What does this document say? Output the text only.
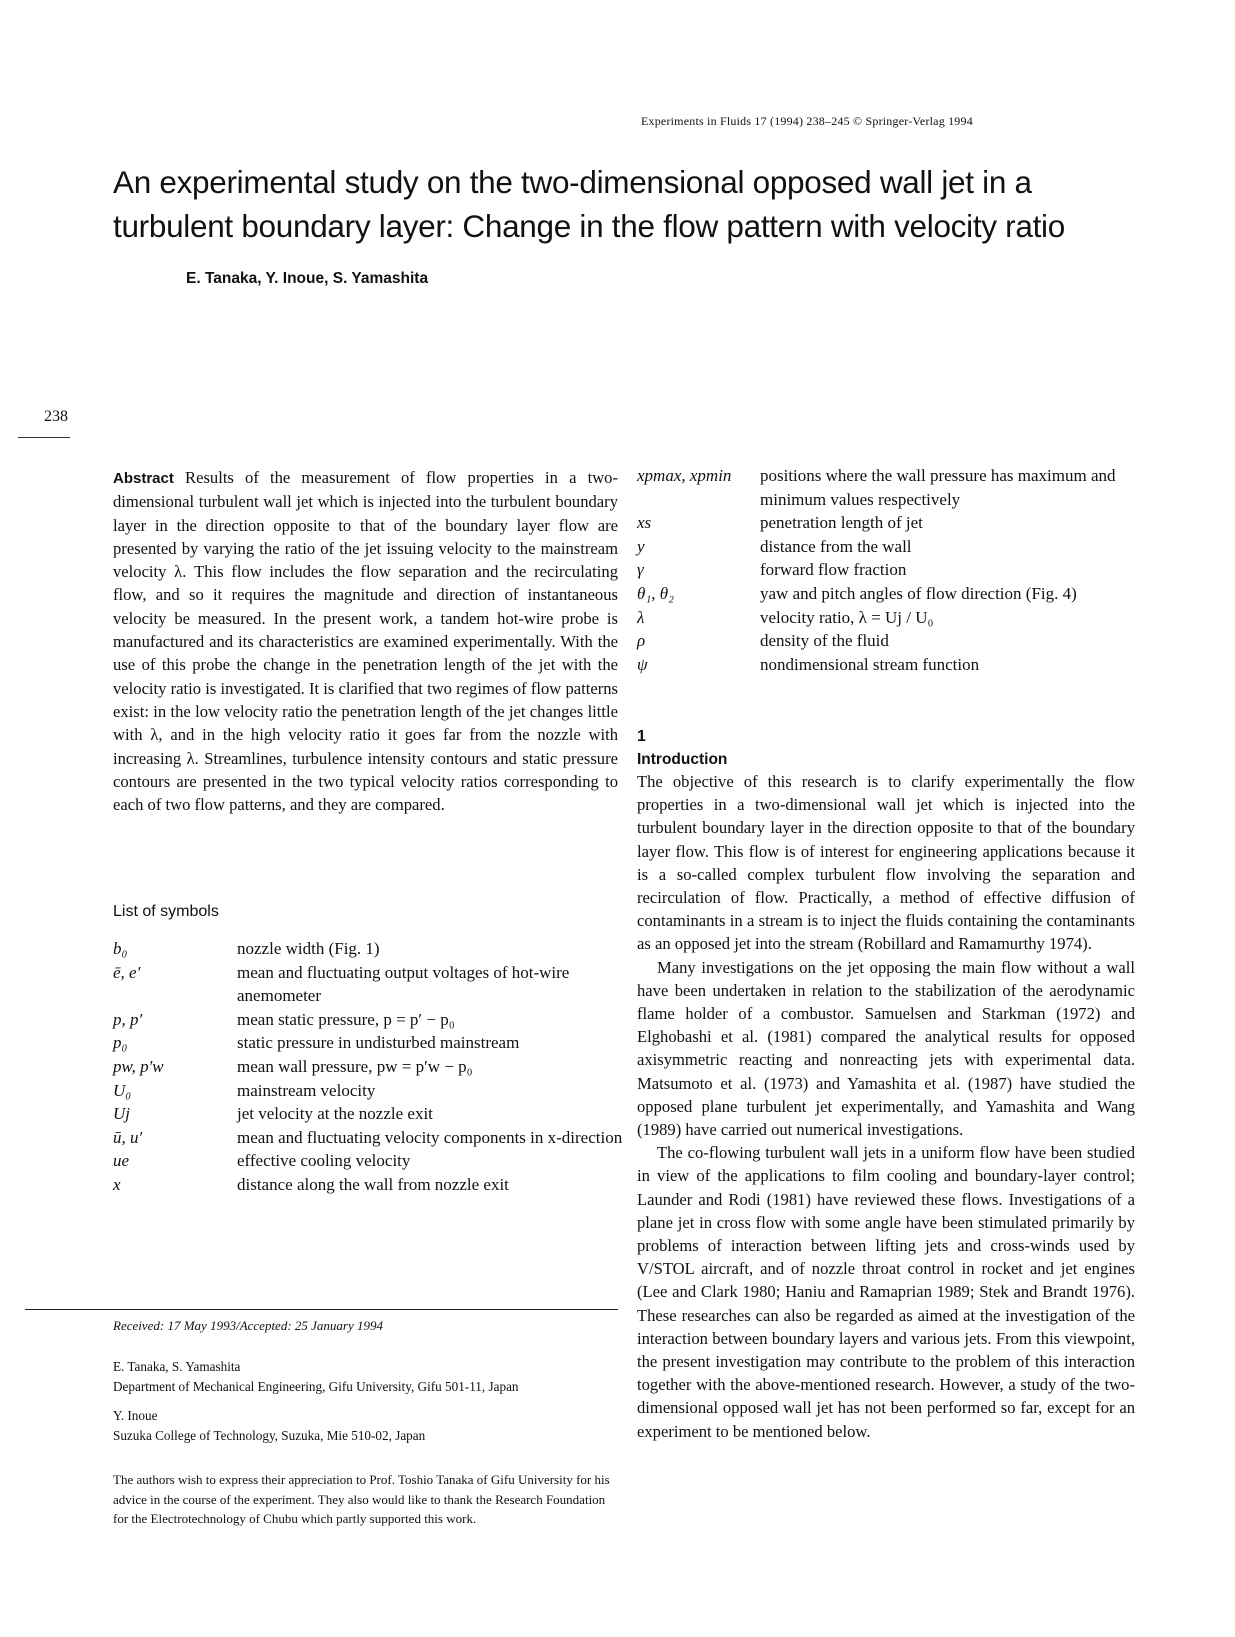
Experiments in Fluids 17 (1994) 238–245 © Springer-Verlag 1994
An experimental study on the two-dimensional opposed wall jet in a turbulent boundary layer: Change in the flow pattern with velocity ratio
E. Tanaka, Y. Inoue, S. Yamashita
238

Abstract Results of the measurement of flow properties in a two-dimensional turbulent wall jet which is injected into the turbulent boundary layer in the direction opposite to that of the boundary layer flow are presented by varying the ratio of the jet issuing velocity to the mainstream velocity λ. This flow includes the flow separation and the recirculating flow, and so it requires the magnitude and direction of instantaneous velocity be measured. In the present work, a tandem hot-wire probe is manufactured and its characteristics are examined experimentally. With the use of this probe the change in the penetration length of the jet with the velocity ratio is investigated. It is clarified that two regimes of flow patterns exist: in the low velocity ratio the penetration length of the jet changes little with λ, and in the high velocity ratio it goes far from the nozzle with increasing λ. Streamlines, turbulence intensity contours and static pressure contours are presented in the two typical velocity ratios corresponding to each of two flow patterns, and they are compared.

List of symbols
b₀	nozzle width (Fig. 1)
ē, e′	mean and fluctuating output voltages of hot-wire anemometer
p, p′	mean static pressure, p = p′ − p₀
p₀	static pressure in undisturbed mainstream
pw, p′w	mean wall pressure, pw = p′w − p₀
U₀	mainstream velocity
Uj	jet velocity at the nozzle exit
ū, u′	mean and fluctuating velocity components in x-direction
ue	effective cooling velocity
x	distance along the wall from nozzle exit
Received: 17 May 1993/Accepted: 25 January 1994
E. Tanaka, S. Yamashita
Department of Mechanical Engineering, Gifu University, Gifu 501-11, Japan
Y. Inoue
Suzuka College of Technology, Suzuka, Mie 510-02, Japan

The authors wish to express their appreciation to Prof. Toshio Tanaka of Gifu University for his advice in the course of the experiment. They also would like to thank the Research Foundation for the Electrotechnology of Chubu which partly supported this work.

xpmax, xpmin	positions where the wall pressure has maximum and minimum values respectively
xs	penetration length of jet
y	distance from the wall
γ	forward flow fraction
θ₁, θ₂	yaw and pitch angles of flow direction (Fig. 4)
λ	velocity ratio, λ = Uj / U₀
ρ	density of the fluid
ψ	nondimensional stream function
1
Introduction

The objective of this research is to clarify experimentally the flow properties in a two-dimensional wall jet which is injected into the turbulent boundary layer in the direction opposite to that of the boundary layer flow. This flow is of interest for engineering applications because it is a so-called complex turbulent flow involving the separation and recirculation of flow. Practically, a method of effective diffusion of contaminants in a stream is to inject the fluids containing the contaminants as an opposed jet into the stream (Robillard and Ramamurthy 1974).

Many investigations on the jet opposing the main flow without a wall have been undertaken in relation to the stabilization of the aerodynamic flame holder of a combustor. Samuelsen and Starkman (1972) and Elghobashi et al. (1981) compared the analytical results for opposed axisymmetric reacting and nonreacting jets with experimental data. Matsumoto et al. (1973) and Yamashita et al. (1987) have studied the opposed plane turbulent jet experimentally, and Yamashita and Wang (1989) have carried out numerical investigations.

The co-flowing turbulent wall jets in a uniform flow have been studied in view of the applications to film cooling and boundary-layer control; Launder and Rodi (1981) have reviewed these flows. Investigations of a plane jet in cross flow with some angle have been stimulated primarily by problems of interaction between lifting jets and cross-winds used by V/STOL aircraft, and of nozzle throat control in rocket and jet engines (Lee and Clark 1980; Haniu and Ramaprian 1989; Stek and Brandt 1976). These researches can also be regarded as aimed at the investigation of the interaction between boundary layers and various jets. From this viewpoint, the present investigation may contribute to the problem of this interaction together with the above-mentioned research. However, a study of the two-dimensional opposed wall jet has not been performed so far, except for an experiment to be mentioned below.
